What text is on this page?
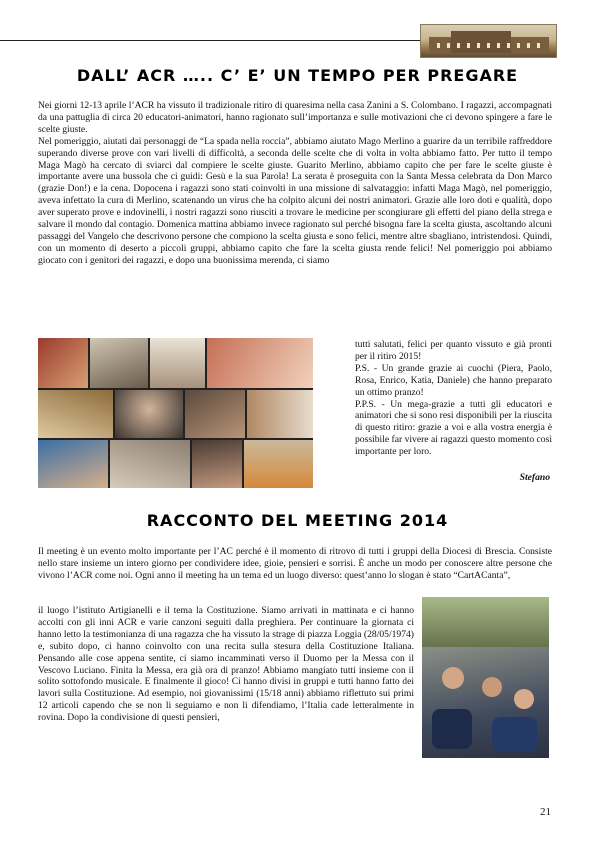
DALL’ ACR ….. C’ E’ UN TEMPO PER PREGARE

Nei giorni 12-13 aprile l’ACR ha vissuto il tradizionale ritiro di quaresima nella casa Zanini a S. Colombano. I ragazzi, accompagnati da una pattuglia di circa 20 educatori-animatori, hanno ragionato sull’importanza e sulle motivazioni che ci devono spingere a fare le scelte giuste.

Nel pomeriggio, aiutati dai personaggi de “La spada nella roccia”, abbiamo aiutato Mago Merlino a guarire da un terribile raffreddore superando diverse prove con vari livelli di difficoltà, a seconda delle scelte che di volta in volta abbiamo fatto. Per tutto il tempo Maga Magò ha cercato di sviarci dal compiere le scelte giuste. Guarito Merlino, abbiamo capito che per fare le scelte giuste è importante avere una bussola che ci guidi: Gesù e la sua Parola! La serata è proseguita con la Santa Messa celebrata da Don Marco (grazie Don!) e la cena. Dopocena i ragazzi sono stati coinvolti in una missione di salvataggio: infatti Maga Magò, nel pomeriggio, aveva infettato la cura di Merlino, scatenando un virus che ha colpito alcuni dei nostri animatori. Grazie alle loro doti e qualità, dopo aver superato prove e indovinelli, i nostri ragazzi sono riusciti a trovare le medicine per scongiurare gli effetti del piano della strega e salvare il mondo dal contagio. Domenica mattina abbiamo invece ragionato sul perché bisogna fare la scelta giusta, ascoltando alcuni passaggi del Vangelo che descrivono persone che compiono la scelta giusta e sono felici, mentre altre sbagliano, intristendosi. Quindi, con un momento di deserto a piccoli gruppi, abbiamo capito che fare la scelta giusta rende felici! Nel pomeriggio poi abbiamo giocato con i genitori dei ragazzi, e dopo una buonissima merenda, ci siamo

tutti salutati, felici per quanto vissuto e già pronti per il ritiro 2015!

P.S. - Un grande grazie ai cuochi (Piera, Paolo, Rosa, Enrico, Katia, Daniele) che hanno preparato un ottimo pranzo!

P.P.S. - Un mega-grazie a tutti gli educatori e animatori che si sono resi disponibili per la riuscita di questo ritiro: grazie a voi e alla vostra energia è possibile far vivere ai ragazzi questo momento così importante per loro.

Stefano
RACCONTO DEL MEETING 2014

Il meeting è un evento molto importante per l’AC perché è il momento di ritrovo di tutti i gruppi della Diocesi di Brescia. Consiste nello stare insieme un intero giorno per condividere idee, gioie, pensieri e sorrisi. È anche un modo per conoscere altre persone che vivono l’ACR come noi. Ogni anno il meeting ha un tema ed un luogo diverso: quest’anno lo slogan è stato “CartACanta”,

il luogo l’istituto Artigianelli e il tema la Costituzione. Siamo arrivati in mattinata e ci hanno accolti con gli inni ACR e varie canzoni seguiti dalla preghiera. Per continuare la giornata ci hanno letto la testimonianza di una ragazza che ha vissuto la strage di piazza Loggia (28/05/1974) e, subito dopo, ci hanno coinvolto con una recita sulla stesura della Costituzione Italiana. Pensando alle cose appena sentite, ci siamo incamminati verso il Duomo per la Messa con il Vescovo Luciano. Finita la Messa, era già ora di pranzo! Abbiamo mangiato tutti insieme con il solito sottofondo musicale. E finalmente il gioco! Ci hanno divisi in gruppi e tutti hanno fatto dei lavori sulla Costituzione. Ad esempio, noi giovanissimi (15/18 anni) abbiamo riflettuto sui primi 12 articoli capendo che se non li seguiamo e non li difendiamo, l’Italia cade letteralmente in rovina. Dopo la condivisione di questi pensieri,

21
